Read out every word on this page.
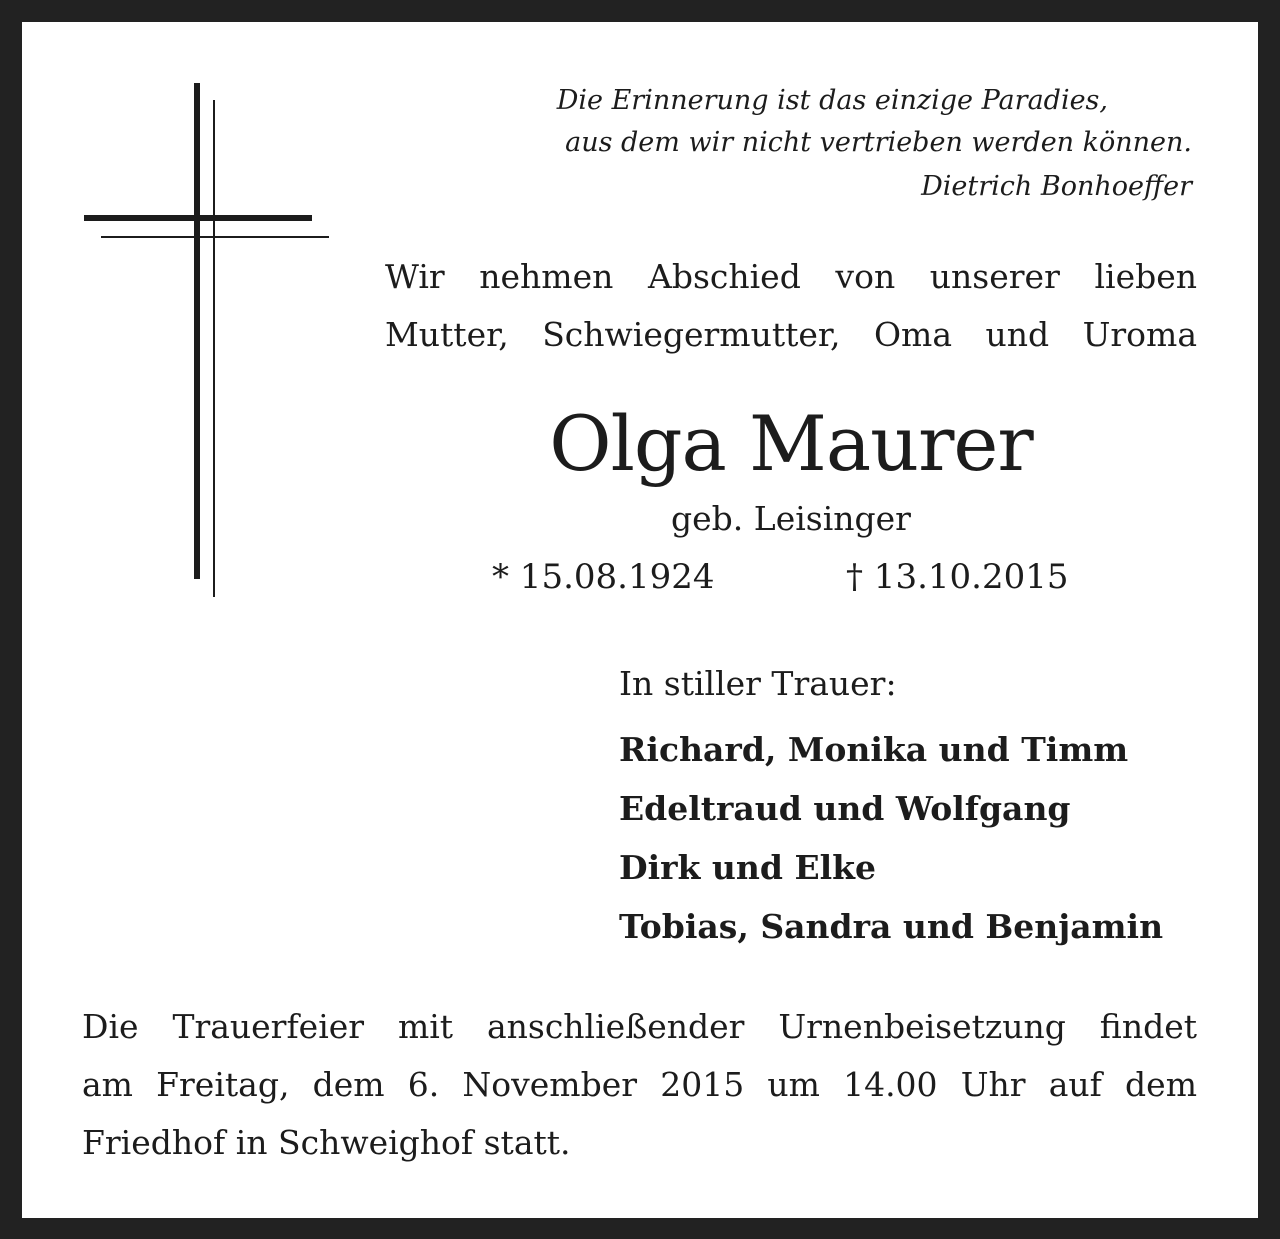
Die Erinnerung ist das einzige Paradies,
aus dem wir nicht vertrieben werden können.
Dietrich Bonhoeffer
Wir nehmen Abschied von unserer lieben
Mutter, Schwiegermutter, Oma und Uroma
Olga Maurer
geb. Leisinger
* 15.08.1924	† 13.10.2015
In stiller Trauer:
Richard, Monika und Timm
Edeltraud und Wolfgang
Dirk und Elke
Tobias, Sandra und Benjamin
Die Trauerfeier mit anschließender Urnenbeisetzung findet
am Freitag, dem 6. November 2015 um 14.00 Uhr auf dem
Friedhof in Schweighof statt.
